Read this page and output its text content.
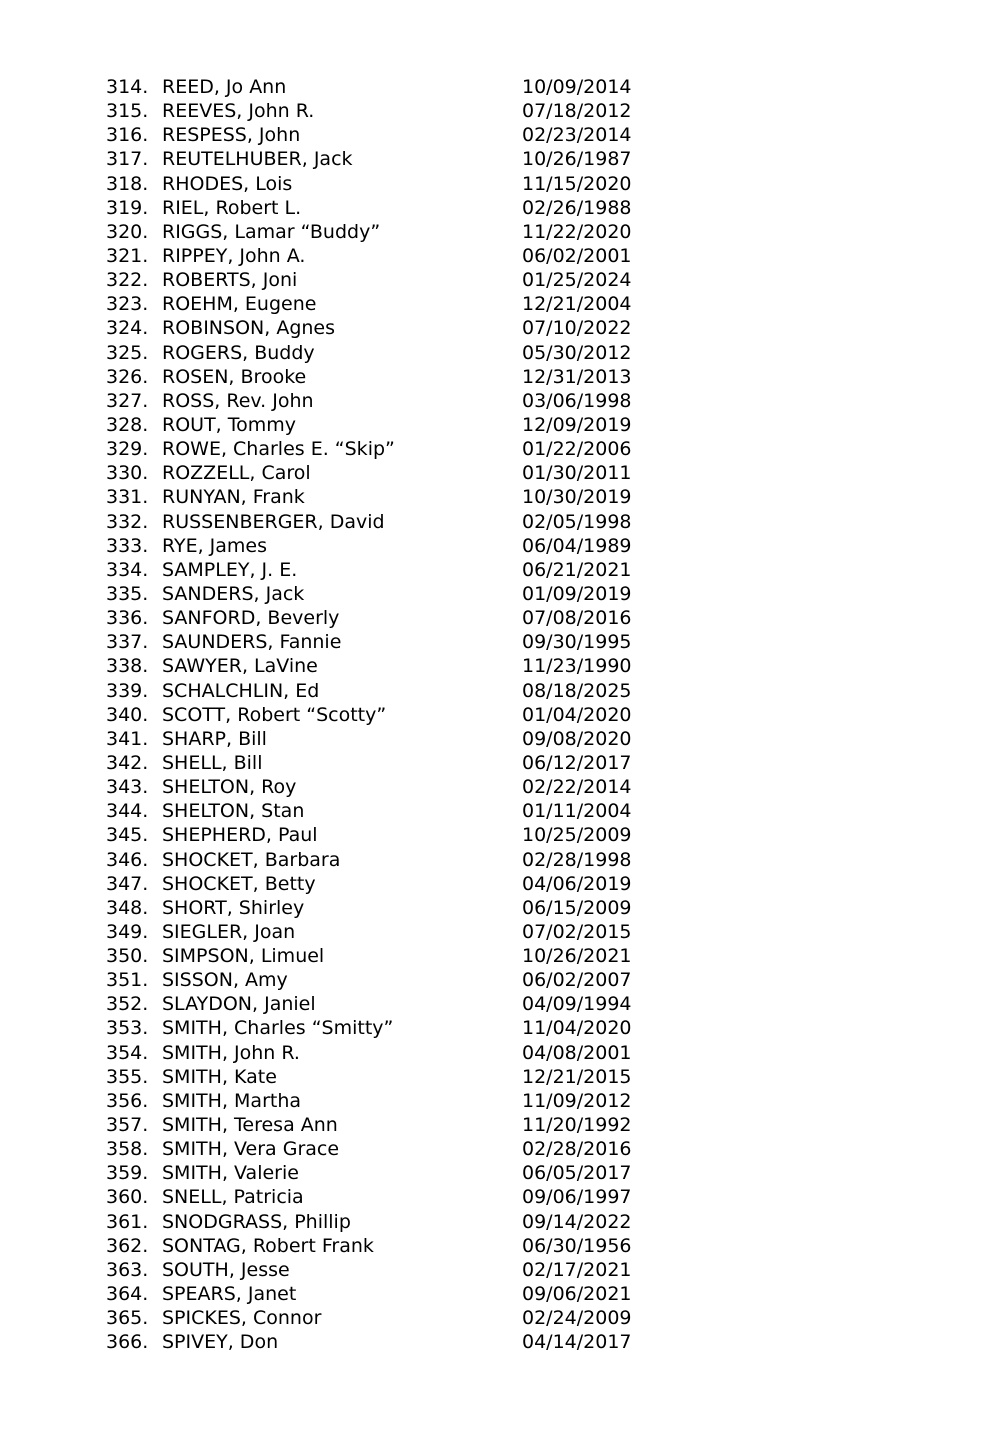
314. REED, Jo Ann	10/09/2014
315. REEVES, John R.	07/18/2012
316. RESPESS, John	02/23/2014
317. REUTELHUBER, Jack	10/26/1987
318. RHODES, Lois	11/15/2020
319. RIEL, Robert L.	02/26/1988
320. RIGGS, Lamar “Buddy”	11/22/2020
321. RIPPEY, John A.	06/02/2001
322. ROBERTS, Joni	01/25/2024
323. ROEHM, Eugene	12/21/2004
324. ROBINSON, Agnes	07/10/2022
325. ROGERS, Buddy	05/30/2012
326. ROSEN, Brooke	12/31/2013
327. ROSS, Rev. John	03/06/1998
328. ROUT, Tommy	12/09/2019
329. ROWE, Charles E. “Skip”	01/22/2006
330. ROZZELL, Carol	01/30/2011
331. RUNYAN, Frank	10/30/2019
332. RUSSENBERGER, David	02/05/1998
333. RYE, James	06/04/1989
334. SAMPLEY, J. E.	06/21/2021
335. SANDERS, Jack	01/09/2019
336. SANFORD, Beverly	07/08/2016
337. SAUNDERS, Fannie	09/30/1995
338. SAWYER, LaVine	11/23/1990
339. SCHALCHLIN, Ed	08/18/2025
340. SCOTT, Robert “Scotty”	01/04/2020
341. SHARP, Bill	09/08/2020
342. SHELL, Bill	06/12/2017
343. SHELTON, Roy	02/22/2014
344. SHELTON, Stan	01/11/2004
345. SHEPHERD, Paul	10/25/2009
346. SHOCKET, Barbara	02/28/1998
347. SHOCKET, Betty	04/06/2019
348. SHORT, Shirley	06/15/2009
349. SIEGLER, Joan	07/02/2015
350. SIMPSON, Limuel	10/26/2021
351. SISSON, Amy	06/02/2007
352. SLAYDON, Janiel	04/09/1994
353. SMITH, Charles “Smitty”	11/04/2020
354. SMITH, John R.	04/08/2001
355. SMITH, Kate	12/21/2015
356. SMITH, Martha	11/09/2012
357. SMITH, Teresa Ann	11/20/1992
358. SMITH, Vera Grace	02/28/2016
359. SMITH, Valerie	06/05/2017
360. SNELL, Patricia	09/06/1997
361. SNODGRASS, Phillip	09/14/2022
362. SONTAG, Robert Frank	06/30/1956
363. SOUTH, Jesse	02/17/2021
364. SPEARS, Janet	09/06/2021
365. SPICKES, Connor	02/24/2009
366. SPIVEY, Don	04/14/2017
